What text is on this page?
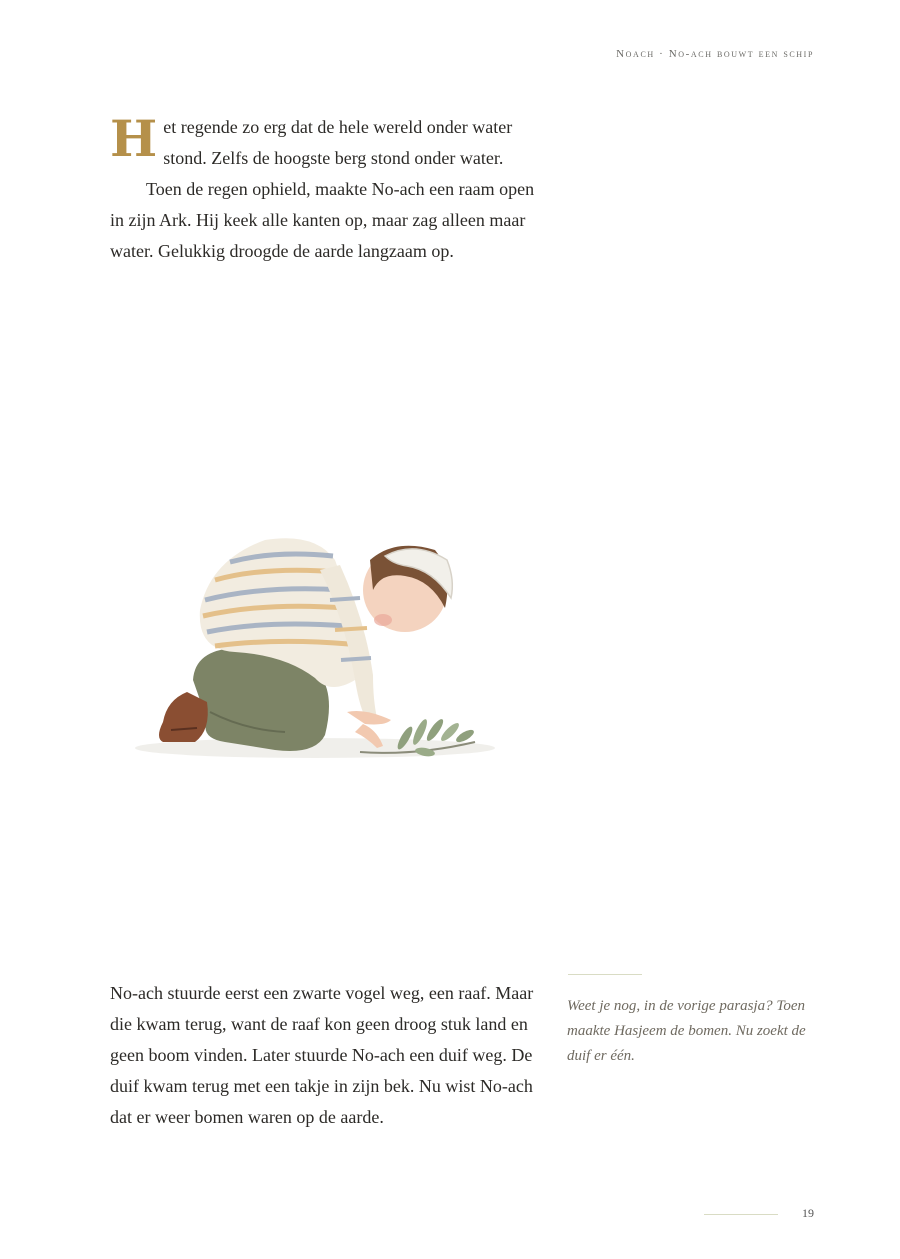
Noach · No-ach bouwt een schip
Het regende zo erg dat de hele wereld onder water stond. Zelfs de hoogste berg stond onder water.
Toen de regen ophield, maakte No-ach een raam open in zijn Ark. Hij keek alle kanten op, maar zag alleen maar water. Gelukkig droogde de aarde langzaam op.
No-ach stuurde eerst een zwarte vogel weg, een raaf. Maar die kwam terug, want de raaf kon geen droog stuk land en geen boom vinden. Later stuurde No-ach een duif weg. De duif kwam terug met een takje in zijn bek. Nu wist No-ach dat er weer bomen waren op de aarde.
Weet je nog, in de vorige parasja? Toen maakte Hasjeem de bomen. Nu zoekt de duif er één.
19
